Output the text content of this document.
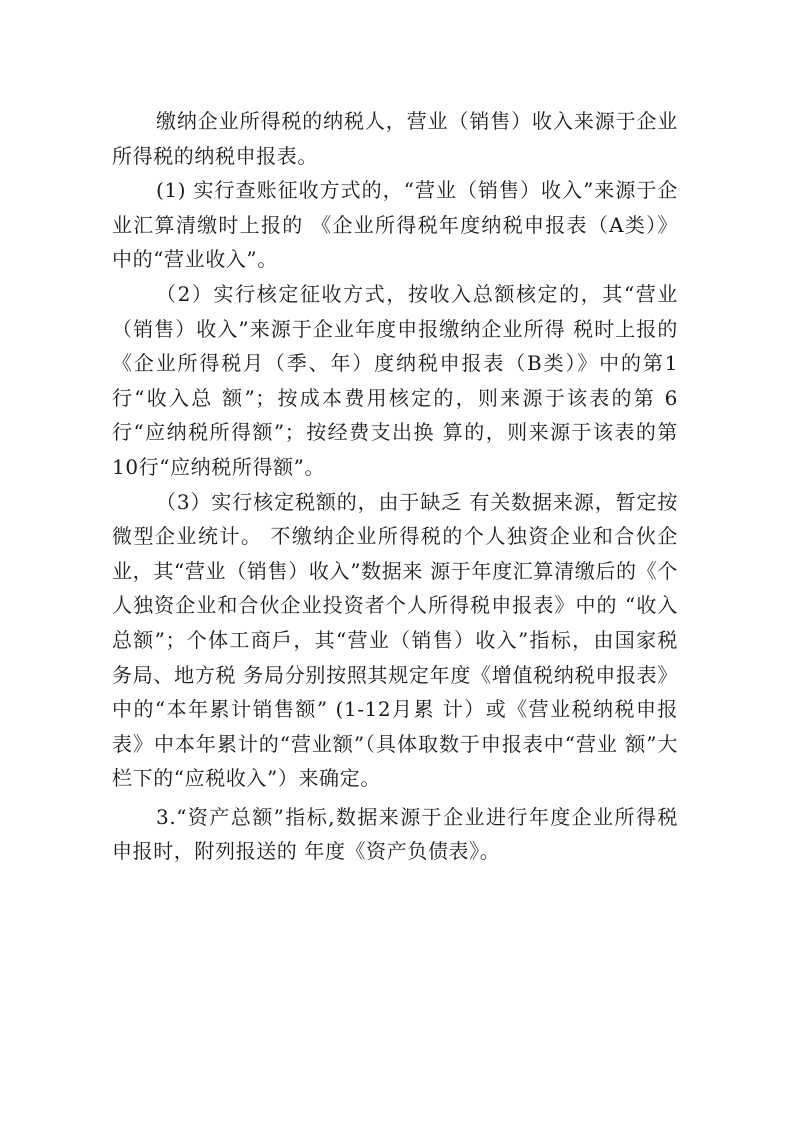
缴纳企业所得税的纳税人，营业（销售）收入来源于企业所得税的纳税申报表。

(1) 实行查账征收方式的，“营业（销售）收入”来源于企业汇算清缴时上报的 《企业所得税年度纳税申报表（A类）》中的“营业收入”。

（2）实行核定征收方式，按收入总额核定的，其“营业（销售）收入”来源于企业年度申报缴纳企业所得 税时上报的《企业所得税月（季、年）度纳税申报表（B类）》中的第1行“收入总 额”；按成本费用核定的，则来源于该表的第 6行“应纳税所得额”；按经费支出换 算的，则来源于该表的第 10行“应纳税所得额”。

（3）实行核定税额的，由于缺乏 有关数据来源，暂定按微型企业统计。 不缴纳企业所得税的个人独资企业和合伙企业，其“营业（销售）收入”数据来 源于年度汇算清缴后的《个人独资企业和合伙企业投资者个人所得税申报表》中的 “收入总额”；个体工商戶，其“营业（销售）收入”指标，由国家税务局、地方税 务局分别按照其规定年度《增值税纳税申报表》中的“本年累计销售额” (1-12月累 计）或《营业税纳税申报表》中本年累计的“营业额”（具体取数于申报表中“营业 额”大栏下的“应税收入”）来确定。

3.“资产总额”指标,数据来源于企业进行年度企业所得税申报时，附列报送的 年度《资产负债表》。
